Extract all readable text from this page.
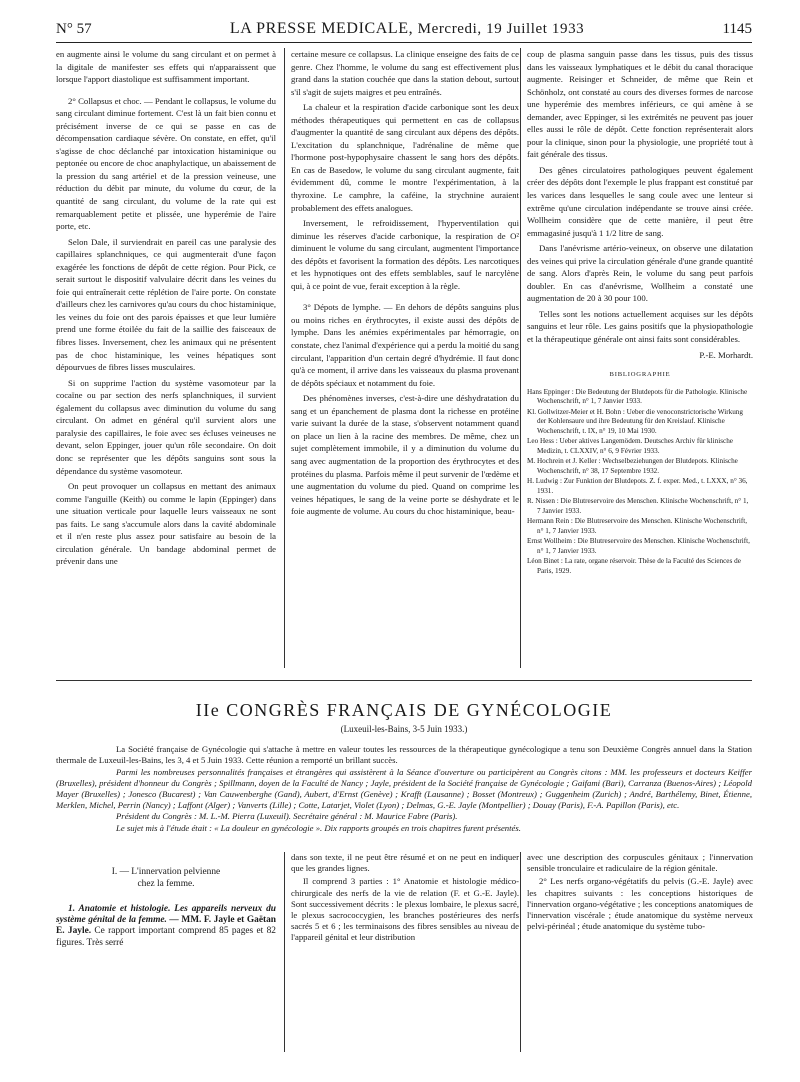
N° 57	LA PRESSE MEDICALE, Mercredi, 19 Juillet 1933	1145

en augmente ainsi le volume du sang circulant et on permet à la digitale de manifester ses effets qui n'apparaissent que lorsque l'apport diastolique est suffisamment important.

2° Collapsus et choc. — Pendant le collapsus, le volume du sang circulant diminue fortement. C'est là un fait bien connu et précisément inverse de ce qui se passe en cas de décompensation cardiaque sévère. On constate, en effet, qu'il s'agisse de choc déclanché par intoxication histaminique ou peptonée ou encore de choc anaphylactique, un abaissement de la pression du sang artériel et de la pression veineuse, une réduction du débit par minute, du volume du cœur, de la quantité de sang circulant, du volume de la rate qui est remarquablement petite et plissée, une hyperémie de l'aire porte, etc.

Selon Dale, il surviendrait en pareil cas une paralysie des capillaires splanchniques, ce qui augmenterait d'une façon exagérée les fonctions de dépôt de cette région. Pour Pick, ce serait surtout le dispositif valvulaire décrit dans les veines du foie qui entraînerait cette réplétion de l'aire porte. On constate d'ailleurs chez les carnivores qu'au cours du choc histaminique, les veines du foie ont des parois épaisses et que leur lumière prend une forme étoilée du fait de la saillie des faisceaux de fibres lisses. Inversement, chez les animaux qui ne présentent pas de choc histaminique, les veines hépatiques sont dépourvues de fibres lisses musculaires.

Si on supprime l'action du système vasomoteur par la cocaïne ou par section des nerfs splanchniques, il survient également du collapsus avec diminution du volume du sang circulant. On admet en général qu'il survient alors une paralysie des capillaires, le foie avec ses écluses veineuses ne devant, selon Eppinger, jouer qu'un rôle secondaire. On doit donc se représenter que les dépôts sanguins sont sous la dépendance du système vasomoteur.

On peut provoquer un collapsus en mettant des animaux comme l'anguille (Keith) ou comme le lapin (Eppinger) dans une situation verticale pour laquelle leurs vaisseaux ne sont pas faits. Le sang s'accumule alors dans la cavité abdominale et il n'en reste plus assez pour satisfaire au besoin de la circulation générale. Un bandage abdominal permet de prévenir dans une

certaine mesure ce collapsus. La clinique enseigne des faits de ce genre. Chez l'homme, le volume du sang est effectivement plus grand dans la station couchée que dans la station debout, surtout s'il s'agit de sujets maigres et peu entraînés.

La chaleur et la respiration d'acide carbonique sont les deux méthodes thérapeutiques qui permettent en cas de collapsus d'augmenter la quantité de sang circulant aux dépens des dépôts. L'excitation du splanchnique, l'adrénaline de même que l'hormone post-hypophysaire chassent le sang hors des dépôts. En cas de Basedow, le volume du sang circulant augmente, fait évidemment dû, comme le montre l'expérimentation, à la thyroxine. Le camphre, la caféine, la strychnine auraient probablement des effets analogues.

Inversement, le refroidissement, l'hyperventilation qui diminue les réserves d'acide carbonique, la respiration de O² diminuent le volume du sang circulant, augmentent l'importance des dépôts et favorisent la formation des dépôts. Les narcotiques et les hypnotiques ont des effets semblables, sauf le narcylène qui, à ce point de vue, ferait exception à la règle.

3° Dépots de lymphe. — En dehors de dépôts sanguins plus ou moins riches en érythrocytes, il existe aussi des dépôts de lymphe. Dans les anémies expérimentales par hémorragie, on constate, chez l'animal d'expérience qui a perdu la moitié du sang circulant, l'apparition d'un certain degré d'hydrémie. Il faut donc qu'à ce moment, il arrive dans les vaisseaux du plasma provenant de dépôts spéciaux et notamment du foie.

Des phénomènes inverses, c'est-à-dire une déshydratation du sang et un épanchement de plasma dont la richesse en protéine varie suivant la durée de la stase, s'observent notamment quand on place un lien à la racine des membres. De même, chez un sujet complètement immobile, il y a diminution du volume du sang avec augmentation de la proportion des érythrocytes et des protéines du plasma. Parfois même il peut survenir de l'œdème et une augmentation du volume du pied. Quand on comprime les veines hépatiques, le sang de la veine porte se déshydrate et le foie augmente de volume. Au cours du choc histaminique, beau-

coup de plasma sanguin passe dans les tissus, puis des tissus dans les vaisseaux lymphatiques et le débit du canal thoracique augmente. Reisinger et Schneider, de même que Rein et Schönholz, ont constaté au cours des diverses formes de narcose une hyperémie des membres inférieurs, ce qui amène à se demander, avec Eppinger, si les extrémités ne peuvent pas jouer elles aussi le rôle de dépôt. Cette fonction représenterait alors pour la clinique, sinon pour la physiologie, une propriété tout à fait générale des tissus.

Des gênes circulatoires pathologiques peuvent également créer des dépôts dont l'exemple le plus frappant est constitué par les varices dans lesquelles le sang coule avec une lenteur si extrême qu'une circulation indépendante se trouve ainsi créée. Wollheim considère que de cette manière, il peut être emmagasiné jusqu'à 1 1/2 litre de sang.

Dans l'anévrisme artério-veineux, on observe une dilatation des veines qui prive la circulation générale d'une grande quantité de sang. Alors d'après Rein, le volume du sang peut parfois doubler. En cas d'anévrisme, Wollheim a constaté une augmentation de 20 à 30 pour 100.

Telles sont les notions actuellement acquises sur les dépôts sanguins et leur rôle. Les gains positifs que la physiopathologie et la thérapeutique générale ont ainsi faits sont considérables.

P.-E. Morhardt.
BIBLIOGRAPHIE
Hans Eppinger : Die Bedeutung der Blutdepots für die Pathologie. Klinische Wochenschrift, n° 1, 7 Janvier 1933.
Kl. Gollwitzer-Meier et H. Bohn : Ueber die venoconstrictorische Wirkung der Kohlensaure und ihre Bedeutung für den Kreislauf. Klinische Wochenschrift, t. IX, n° 19, 10 Mai 1930.
Leo Hess : Ueber aktives Langemödem. Deutsches Archiv für klinische Medizin, t. CLXXIV, n° 6, 9 Février 1933.
M. Hochrein et J. Keller : Wechselbeziehungen der Blutdepots. Klinische Wochenschrift, n° 38, 17 Septembre 1932.
H. Ludwig : Zur Funktion der Blutdepots. Z. f. exper. Med., t. LXXX, n° 36, 1931.
R. Nissen : Die Blutreservoire des Menschen. Klinische Wochenschrift, n° 1, 7 Janvier 1933.
Hermann Rein : Die Blutreservoire des Menschen. Klinische Wochenschrift, n° 1, 7 Janvier 1933.
Ernst Wollheim : Die Blutreservoire des Menschen. Klinische Wochenschrift, n° 1, 7 Janvier 1933.
Léon Binet : La rate, organe réservoir. Thèse de la Faculté des Sciences de Paris, 1929.
IIe CONGRÈS FRANÇAIS DE GYNÉCOLOGIE
(Luxeuil-les-Bains, 3-5 Juin 1933.)

La Société française de Gynécologie qui s'attache à mettre en valeur toutes les ressources de la thérapeutique gynécologique a tenu son Deuxième Congrès annuel dans la Station thermale de Luxeuil-les-Bains, les 3, 4 et 5 Juin 1933. Cette réunion a remporté un brillant succès.

Parmi les nombreuses personnalités françaises et étrangères qui assistèrent à la Séance d'ouverture ou participèrent au Congrès citons : MM. les professeurs et docteurs Keiffer (Bruxelles), président d'honneur du Congrès ; Spillmann, doyen de la Faculté de Nancy ; Jayle, président de la Société française de Gynécologie ; Gaifami (Bari), Carranza (Buenos-Aires) ; Léopold Mayer (Bruxelles) ; Jonesco (Bucarest) ; Van Cauwenberghe (Gand), Aubert, d'Ernst (Genève) ; Krafft (Lausanne) ; Bosset (Montreux) ; Guggenheim (Zurich) ; André, Barthélemy, Binet, Étienne, Merklen, Michel, Perrin (Nancy) ; Laffont (Alger) ; Vanverts (Lille) ; Cotte, Latarjet, Violet (Lyon) ; Delmas, G.-E. Jayle (Montpellier) ; Douay (Paris), F.-A. Papillon (Paris), etc.

Président du Congrès : M. L.-M. Pierra (Luxeuil). Secrétaire général : M. Maurice Fabre (Paris).

Le sujet mis à l'étude était : « La douleur en gynécologie ». Dix rapports groupés en trois chapitres furent présentés.

I. — L'innervation pelvienne
chez la femme.

1. Anatomie et histologie. Les appareils nerveux du système génital de la femme. — MM. F. Jayle et Gaëtan E. Jayle. Ce rapport important comprend 85 pages et 82 figures. Très serré

dans son texte, il ne peut être résumé et on ne peut en indiquer que les grandes lignes.

Il comprend 3 parties : 1° Anatomie et histologie médico-chirurgicale des nerfs de la vie de relation (F. et G.-E. Jayle). Sont successivement décrits : le plexus lombaire, le plexus sacré, le plexus sacrococcygien, les branches postérieures des nerfs sacrés 5 et 6 ; les terminaisons des fibres sensibles au niveau de l'appareil génital et leur distribution

avec une description des corpuscules génitaux ; l'innervation sensible tronculaire et radiculaire de la région génitale.

2° Les nerfs organo-végétatifs du pelvis (G.-E. Jayle) avec les chapitres suivants : les conceptions historiques de l'innervation organo-végétative ; les conceptions anatomiques de l'innervation viscérale ; étude anatomique du système nerveux pelvi-périnéal ; étude anatomique du système tubo-
